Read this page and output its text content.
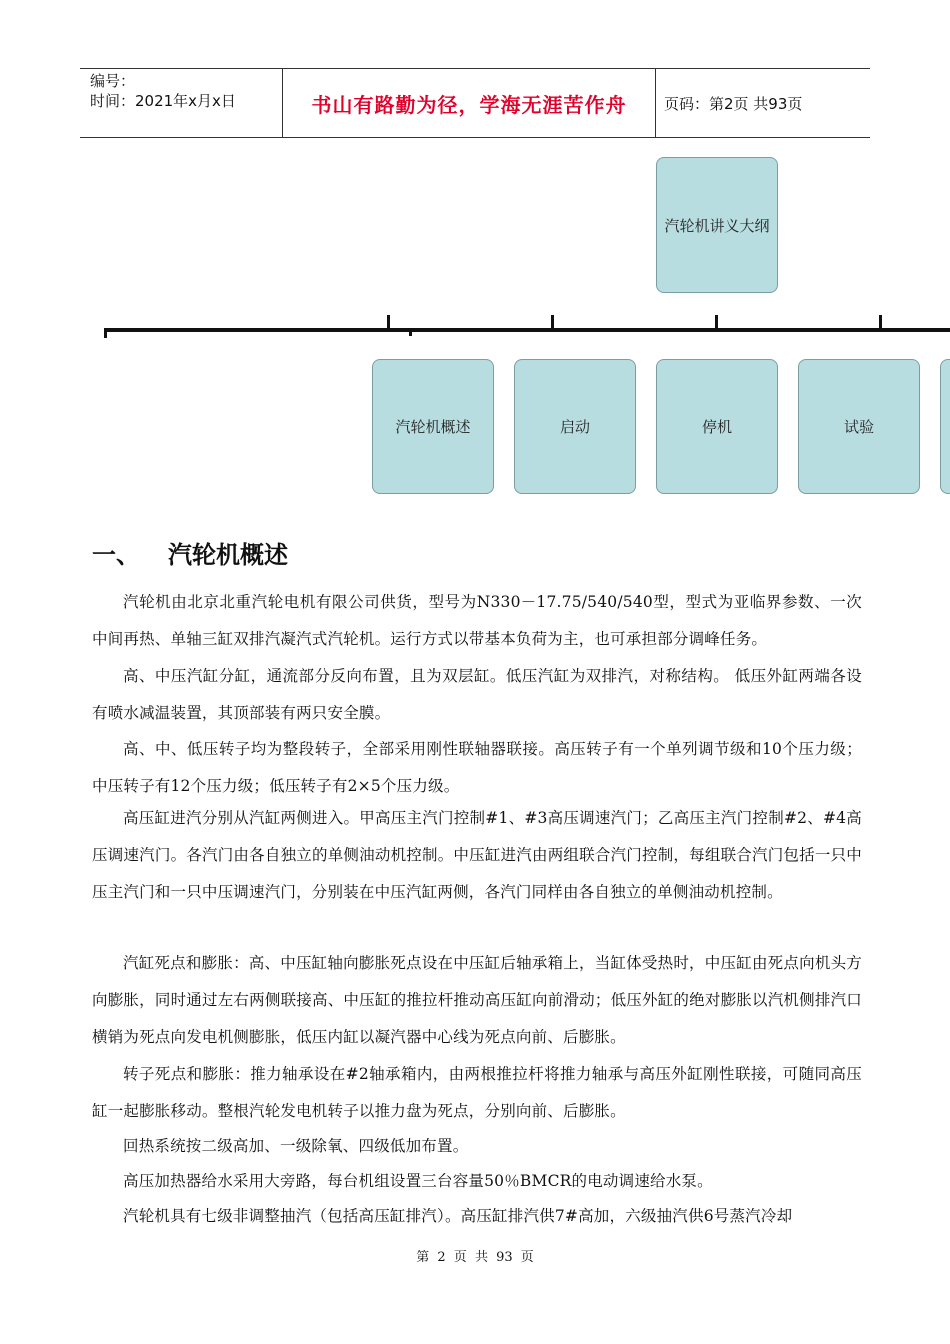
编号：
时间：2021年x月x日	书山有路勤为径，学海无涯苦作舟	页码：第2页 共93页
汽轮机讲义大纲
汽轮机概述	启动	停机	试验
一、 汽轮机概述
汽轮机由北京北重汽轮电机有限公司供货，型号为N330－17.75/540/540型，型式为亚临界参数、一次中间再热、单轴三缸双排汽凝汽式汽轮机。运行方式以带基本负荷为主，也可承担部分调峰任务。
高、中压汽缸分缸，通流部分反向布置，且为双层缸。低压汽缸为双排汽，对称结构。 低压外缸两端各设有喷水减温装置，其顶部装有两只安全膜。
高、中、低压转子均为整段转子，全部采用刚性联轴器联接。高压转子有一个单列调节级和10个压力级；中压转子有12个压力级；低压转子有2×5个压力级。
高压缸进汽分别从汽缸两侧进入。甲高压主汽门控制#1、#3高压调速汽门；乙高压主汽门控制#2、#4高压调速汽门。各汽门由各自独立的单侧油动机控制。中压缸进汽由两组联合汽门控制，每组联合汽门包括一只中压主汽门和一只中压调速汽门，分别装在中压汽缸两侧，各汽门同样由各自独立的单侧油动机控制。
汽缸死点和膨胀：高、中压缸轴向膨胀死点设在中压缸后轴承箱上，当缸体受热时，中压缸由死点向机头方向膨胀，同时通过左右两侧联接高、中压缸的推拉杆推动高压缸向前滑动；低压外缸的绝对膨胀以汽机侧排汽口横销为死点向发电机侧膨胀，低压内缸以凝汽器中心线为死点向前、后膨胀。
转子死点和膨胀：推力轴承设在#2轴承箱内，由两根推拉杆将推力轴承与高压外缸刚性联接，可随同高压缸一起膨胀移动。整根汽轮发电机转子以推力盘为死点，分别向前、后膨胀。
回热系统按二级高加、一级除氧、四级低加布置。
高压加热器给水采用大旁路，每台机组设置三台容量50％BMCR的电动调速给水泵。
汽轮机具有七级非调整抽汽（包括高压缸排汽）。高压缸排汽供7#高加，六级抽汽供6号蒸汽冷却
第 2 页 共 93 页
